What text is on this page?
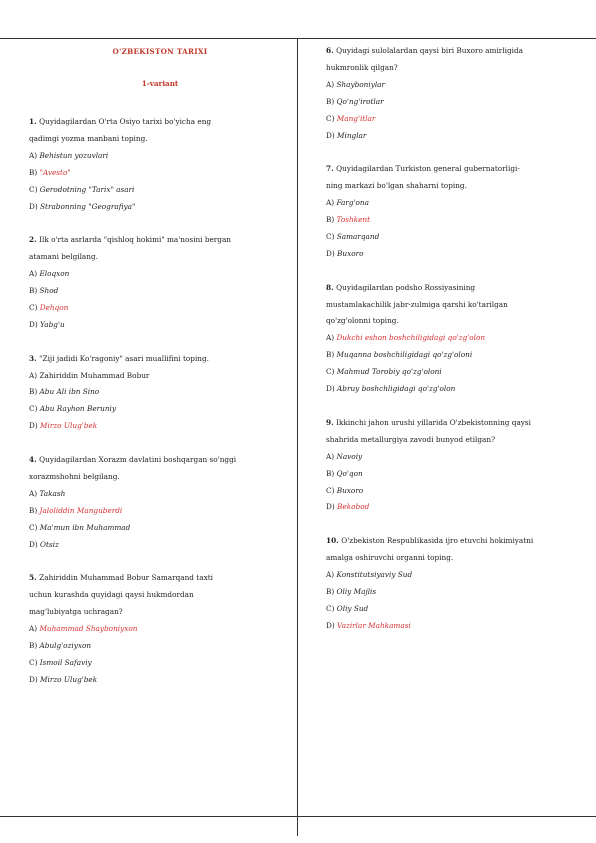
O'ZBEKISTON TARIXI
1-variant
1. Quyidagilardan O'rta Osiyo tarixi bo'yicha eng
qadimgi yozma manbani toping.
A) Behistun yozuvlari
B) "Avesto"
C) Gerodotning "Tarix" asari
D) Strabonning "Geografiya"
2. Ilk o'rta asrlarda "qishloq hokimi" ma'nosini bergan
atamani belgilang.
A) Eloqxon
B) Shod
C) Dehqon
D) Yabg'u
3. "Ziji jadidi Ko'ragoniy" asari muallifini toping.
A) Zahiriddin Muhammad Bobur
B) Abu Ali ibn Sino
C) Abu Rayhon Beruniy
D) Mirzo Ulug'bek
4. Quyidagilardan Xorazm davlatini boshqargan so'nggi
xorazmshohni belgilang.
A) Takash
B) Jaloliddin Manguberdi
C) Ma'mun ibn Muhammad
D) Otsiz
5. Zahiriddin Muhammad Bobur Samarqand taxti
uchun kurashda quyidagi qaysi hukmdordan
mag'lubiyatga uchragan?
A) Muhammad Shayboniyxon
B) Abulg'oziyxon
C) Ismoil Safaviy
D) Mirzo Ulug'bek
6. Quyidagi sulolalardan qaysi biri Buxoro amirligida
hukmronlik qilgan?
A) Shayboniylar
B) Qo'ng'irotlar
C) Mang'itlar
D) Minglar
7. Quyidagilardan Turkiston general gubernatorligi-
ning markazi bo'lgan shaharni toping.
A) Farg'ona
B) Toshkent
C) Samarqand
D) Buxoro
8. Quyidagilardan podsho Rossiyasining
mustamlakachilik jabr-zulmiga qarshi ko'tarilgan
qo'zg'olonni toping.
A) Dukchi eshon boshchiligidagi qo'zg'olon
B) Muqanna boshchiligidagi qo'zg'oloni
C) Mahmud Torobiy qo'zg'oloni
D) Abruy boshchligidagi qo'zg'olon
9. Ikkinchi jahon urushi yillarida O'zbekistonning qaysi
shahrida metallurgiya zavodi bunyod etilgan?
A) Navoiy
B) Qo'qon
C) Buxoro
D) Bekobod
10. O'zbekiston Respublikasida ijro etuvchi hokimiyatni
amalga oshiruvchi organni toping.
A) Konstitutsiyaviy Sud
B) Oliy Majlis
C) Oliy Sud
D) Vazirlar Mahkamasi
